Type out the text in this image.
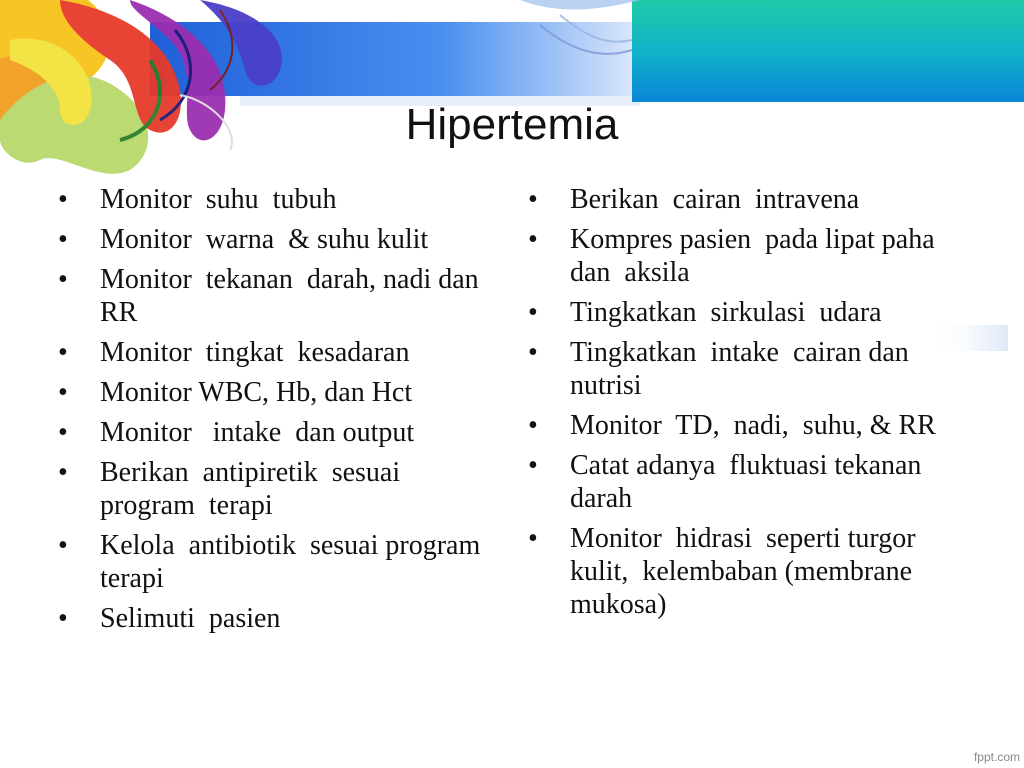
Hipertemia
•	Monitor  suhu  tubuh
•	Monitor  warna  & suhu kulit
•	Monitor  tekanan  darah, nadi dan RR
•	Monitor  tingkat  kesadaran
•	Monitor WBC, Hb, dan Hct
•	Monitor   intake  dan output
•	Berikan  antipiretik  sesuai program  terapi
•	Kelola  antibiotik  sesuai program  terapi
•	Selimuti  pasien
•	Berikan  cairan  intravena
•	Kompres pasien  pada lipat paha dan  aksila
•	Tingkatkan  sirkulasi  udara
•	Tingkatkan  intake  cairan dan nutrisi
•	Monitor  TD,  nadi,  suhu, & RR
•	Catat adanya  fluktuasi tekanan  darah
•	Monitor  hidrasi  seperti turgor  kulit,  kelembaban (membrane mukosa)
fppt.com
